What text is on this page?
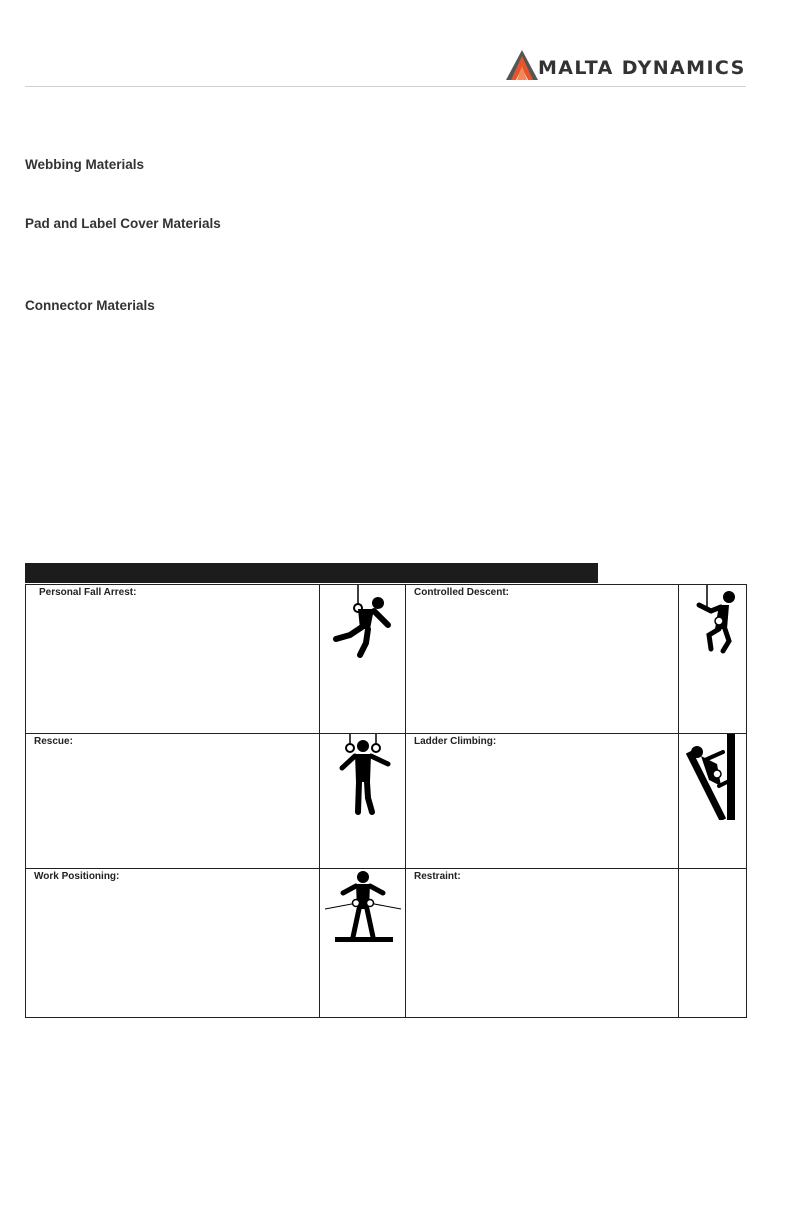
MALTA DYNAMICS
Webbing Materials
Pad and Label Cover Materials
Connector Materials
Personal Fall Arrest:		Controlled Descent:

Rescue:		Ladder Climbing:

Work Positioning:		Restraint:	
